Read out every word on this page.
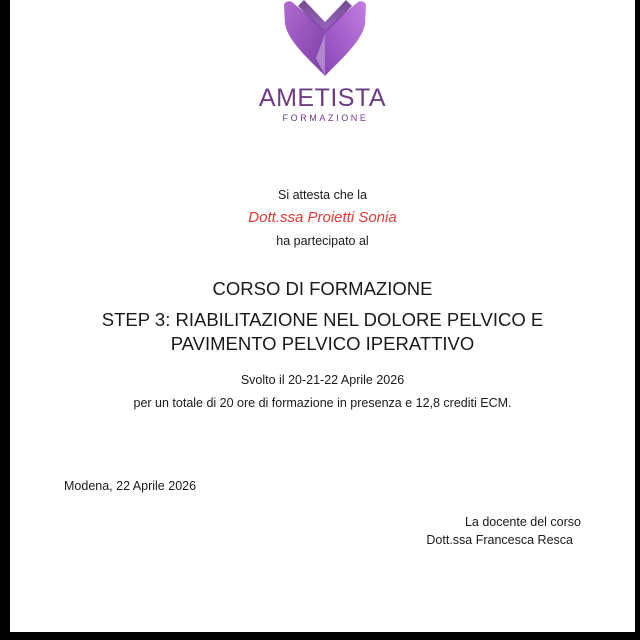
AMETISTA
FORMAZIONE
Si attesta che la
Dott.ssa Proietti Sonia
ha partecipato al
CORSO DI FORMAZIONE
STEP 3: RIABILITAZIONE NEL DOLORE PELVICO E
PAVIMENTO PELVICO IPERATTIVO
Svolto il 20-21-22 Aprile 2026
per un totale di 20 ore di formazione in presenza e 12,8 crediti ECM.
Modena, 22 Aprile 2026
La docente del corso
Dott.ssa Francesca Resca
